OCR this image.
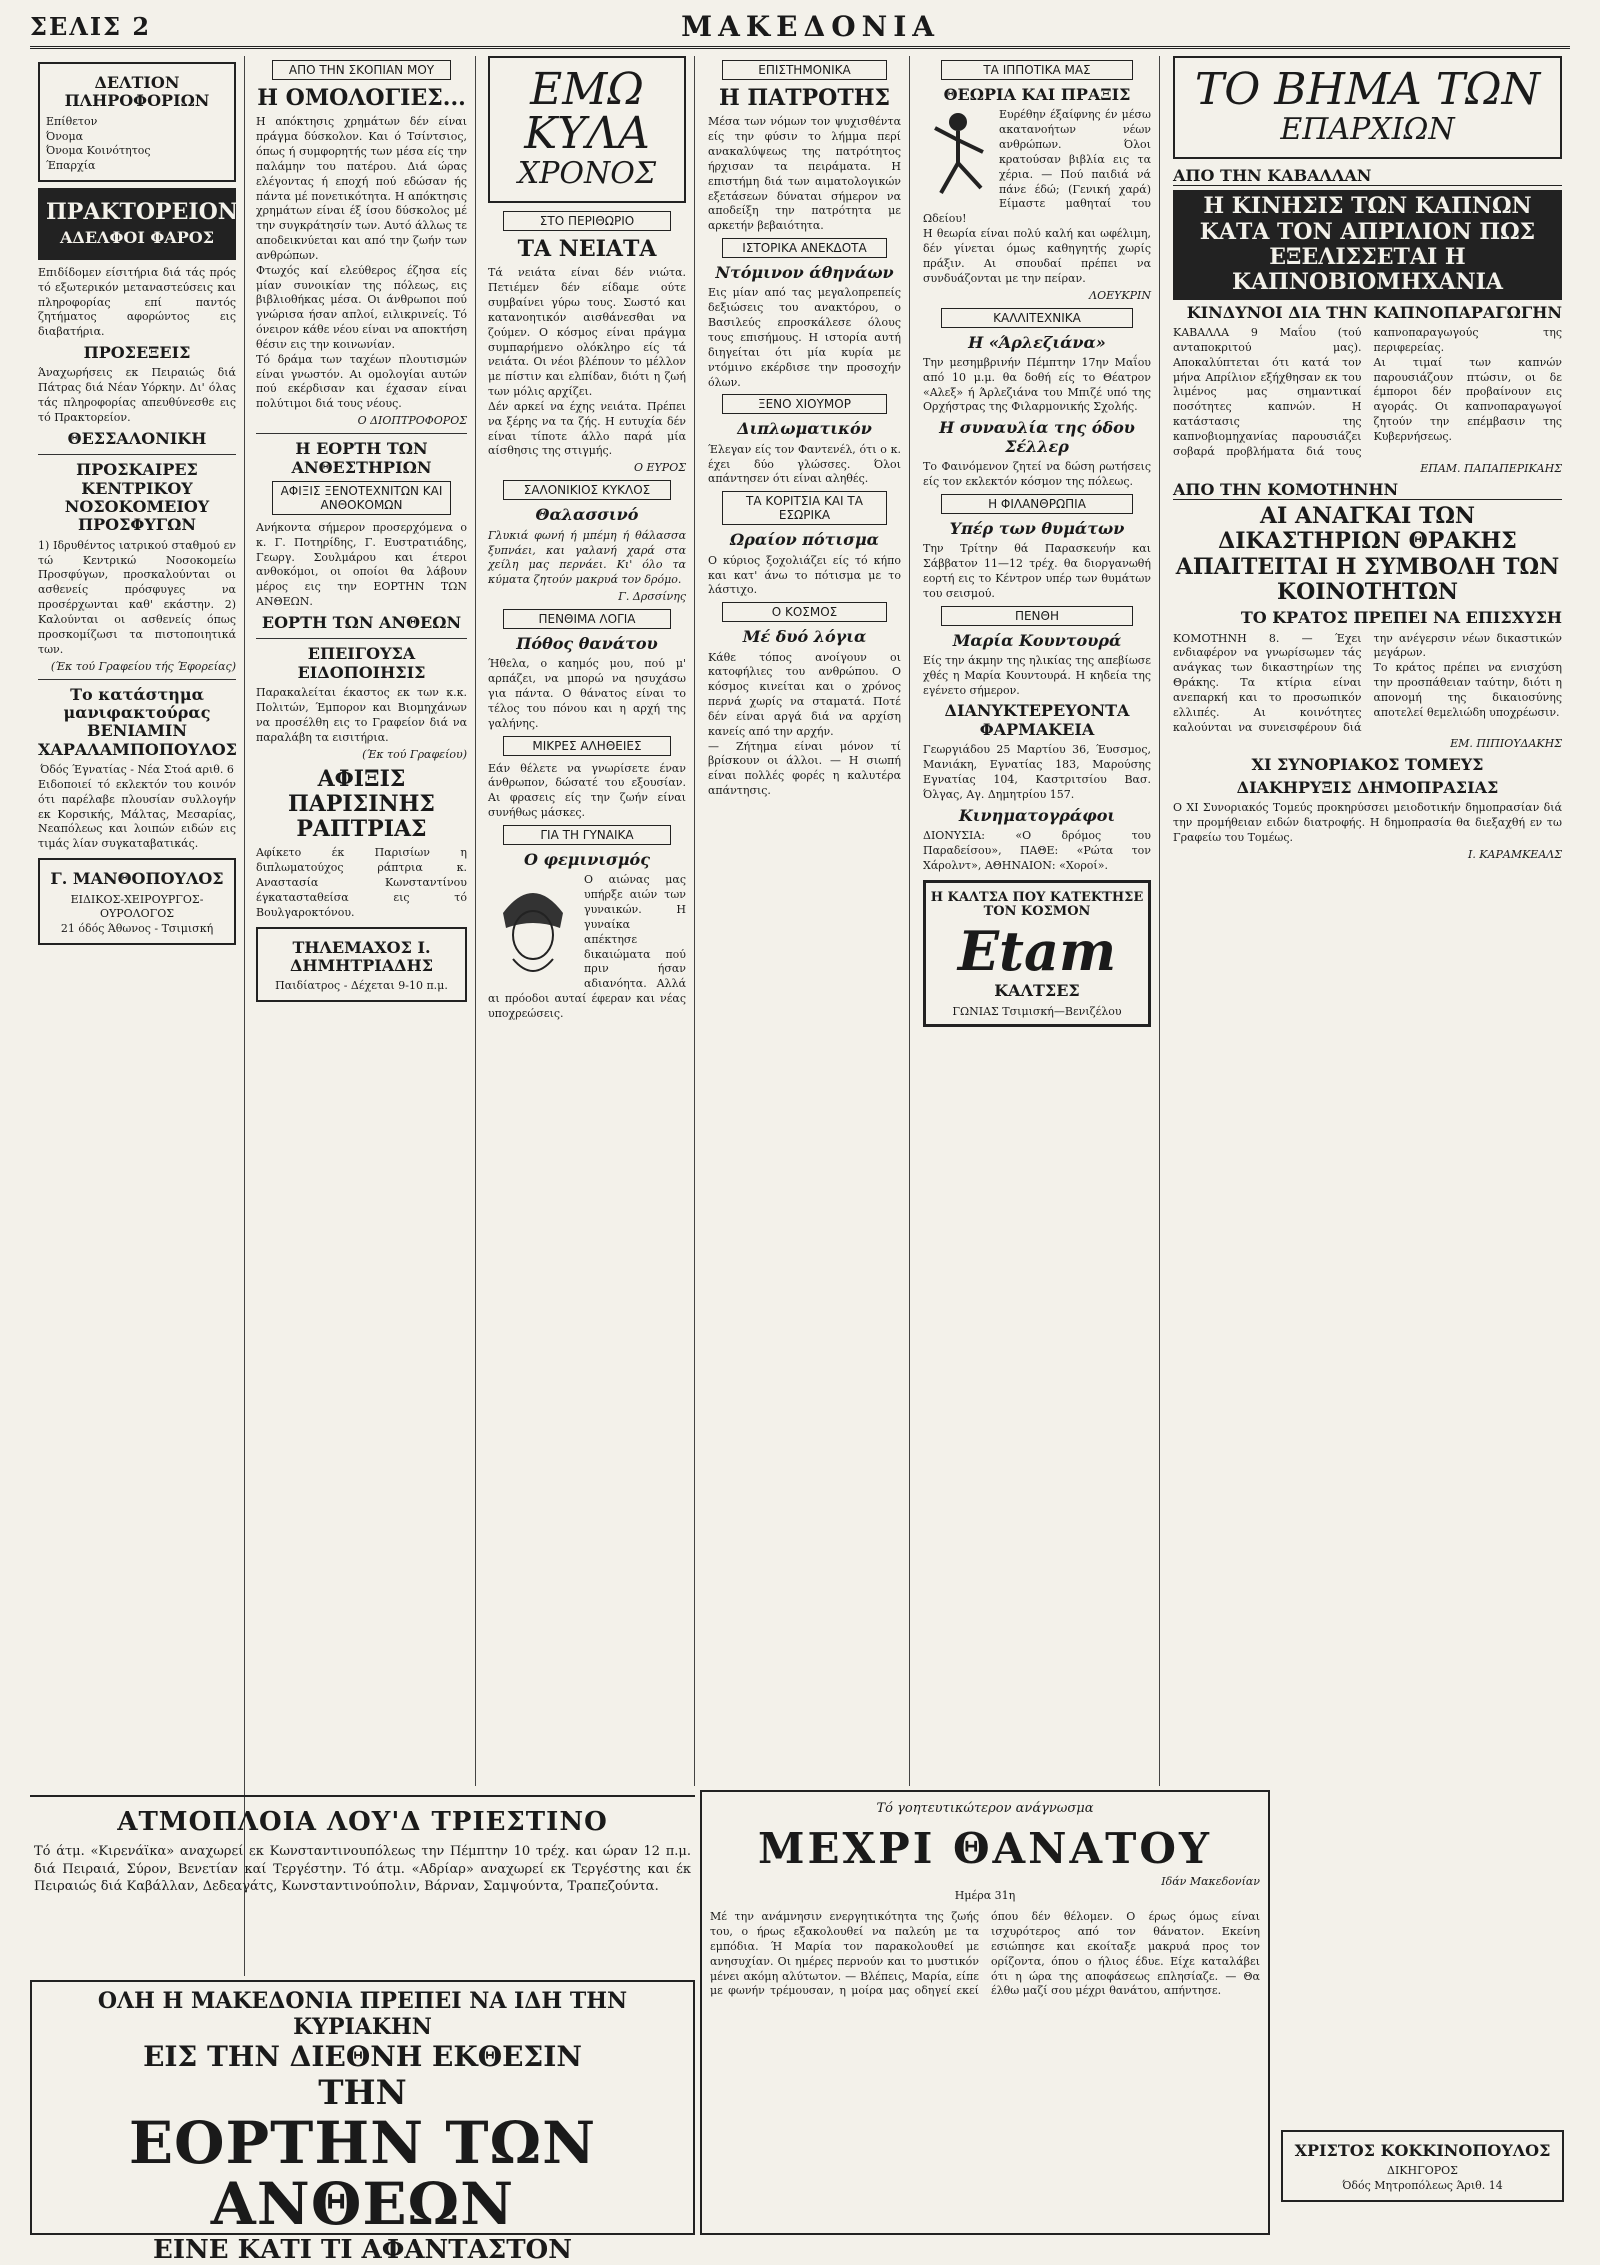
ΣΕΛΙΣ 2	ΜΑΚΕΔΟΝΙΑ
ΔΕΛΤΙΟΝ ΠΛΗΡΟΦΟΡΙΩΝ
Επίθετον
Όνομα
Όνομα Κοινότητος
Έπαρχία
ΠΡΑΚΤΟΡΕΙΟΝ
ΑΔΕΛΦΟΙ ΦΑΡΟΣ

Επιδίδομεν είσιτήρια διά τάς πρός τό εξωτερικόν μεταναστεύσεις και πληροφορίας επί παντός ζητήματος αφορώντος εις διαβατήρια.

ΠΡΟΣΕΞΕΙΣ

Άναχωρήσεις εκ Πειραιώς διά Πάτρας διά Νέαν Υόρκην. Δι' όλας τάς πληροφορίας απευθύνεσθε εις τό Πρακτορείον.

ΘΕΣΣΑΛΟΝΙΚΗ
ΠΡΟΣΚΑΙΡΕΣ ΚΕΝΤΡΙΚΟΥ ΝΟΣΟΚΟΜΕΙΟΥ ΠΡΟΣΦΥΓΩΝ

1) Ιδρυθέντος ιατρικού σταθμού εν τώ Κεντρικώ Νοσοκομείω Προσφύγων, προσκαλούνται οι ασθενείς πρόσφυγες να προσέρχωνται καθ' εκάστην. 2) Καλούνται οι ασθενείς όπως προσκομίζωσι τα πιστοποιητικά των.

(Έκ τού Γραφείου τής Έφορείας)
Το κατάστημα μανιφακτούρας ΒΕΝΙΑΜΙΝ ΧΑΡΑΛΑΜΠΟΠΟΥΛΟΣ
Όδός Έγνατίας - Νέα Στοά αριθ. 6

Ειδοποιεί τό εκλεκτόν του κοινόν ότι παρέλαβε πλουσίαν συλλογήν εκ Κορσικής, Μάλτας, Μεσαρίας, Νεαπόλεως και λοιπών ειδών εις τιμάς λίαν συγκαταβατικάς.

Γ. ΜΑΝΘΟΠΟΥΛΟΣ
ΕΙΔΙΚΟΣ-ΧΕΙΡΟΥΡΓΟΣ-ΟΥΡΟΛΟΓΟΣ
21 όδός Άθωνος - Τσιμισκή
ΑΠΟ ΤΗΝ ΣΚΟΠΙΑΝ ΜΟΥ
Η ΟΜΟΛΟΓΙΕΣ...

Η απόκτησις χρημάτων δέν είναι πράγμα δύσκολον. Και ό Τσίντσιος, όπως ή συμφορητής των μέσα είς την παλάμην του πατέρου. Διά ώρας ελέγοντας ή εποχή πού εδώσαν ής πάντα μέ πονετικότητα. Η απόκτησις χρημάτων είναι έξ ίσου δύσκολος μέ την συγκράτησίν των. Αυτό άλλως τε αποδεικνύεται και από την ζωήν των ανθρώπων.

Φτωχός καί ελεύθερος έζησα είς μίαν συνοικίαν της πόλεως, εις βιβλιοθήκας μέσα. Οι άνθρωποι πού γνώρισα ήσαν απλοί, ειλικρινείς. Τό όνειρον κάθε νέου είναι να αποκτήση θέσιν εις την κοινωνίαν.

Τό δράμα των ταχέων πλουτισμών είναι γνωστόν. Αι ομολογίαι αυτών πού εκέρδισαν και έχασαν είναι πολύτιμοι διά τους νέους.

Ο ΔΙΟΠΤΡΟΦΟΡΟΣ
Η ΕΟΡΤΗ ΤΩΝ ΑΝΘΕΣΤΗΡΙΩΝ
ΑΦΙΞΙΣ ΞΕΝΟΤΕΧΝΙΤΩΝ ΚΑΙ ΑΝΘΟΚΟΜΩΝ

Ανήκοντα σήμερον προσερχόμενα ο κ. Γ. Ποτηρίδης, Γ. Ευστρατιάδης, Γεωργ. Σουλμάρου και έτεροι ανθοκόμοι, οι οποίοι θα λάβουν μέρος εις την ΕΟΡΤΗΝ ΤΩΝ ΑΝΘΕΩΝ.

ΕΟΡΤΗ ΤΩΝ ΑΝΘΕΩΝ
ΕΠΕΙΓΟΥΣΑ ΕΙΔΟΠΟΙΗΣΙΣ

Παρακαλείται έκαστος εκ των κ.κ. Πολιτών, Έμπορον και Βιομηχάνων να προσέλθη εις το Γραφείον διά να παραλάβη τα εισιτήρια.

(Έκ τού Γραφείου)
ΑΦΙΞΙΣ ΠΑΡΙΣΙΝΗΣ ΡΑΠΤΡΙΑΣ

Αφίκετο έκ Παρισίων η διπλωματούχος ράπτρια κ. Αναστασία Κωνσταντίνου έγκατασταθείσα εις τό Βουλγαροκτόνου.

ΤΗΛΕΜΑΧΟΣ Ι. ΔΗΜΗΤΡΙΑΔΗΣ
Παιδίατρος - Δέχεται 9-10 π.μ.
ΑΤΜΟΠΛΟΙΑ ΛΟΥ'Δ ΤΡΙΕΣΤΙΝΟ
Τό άτμ. «Κιρενάϊκα» αναχωρεί εκ Κωνσταντινουπόλεως την Πέμπτην 10 τρέχ. και ώραν 12 π.μ. διά Πειραιά, Σύρον, Βενετίαν καί Τεργέστην. Τό άτμ. «Αδρίαρ» αναχωρεί εκ Τεργέστης και έκ Πειραιώς διά Καβάλλαν, Δεδεαγάτς, Κωνσταντινούπολιν, Βάρναν, Σαμψούντα, Τραπεζούντα.
ΕΜΩ ΚΥΛΑ
ΧΡΟΝΟΣ
ΣΤΟ ΠΕΡΙΘΩΡΙΟ
ΤΑ ΝΕΙΑΤΑ

Τά νειάτα είναι δέν νιώτα. Πετιέμεν δέν είδαμε ούτε συμβαίνει γύρω τους. Σωστό και κατανοητικόν αισθάνεσθαι να ζούμεν. Ο κόσμος είναι πράγμα συμπαρήμενο ολόκληρο είς τά νειάτα. Οι νέοι βλέπουν το μέλλον με πίστιν και ελπίδαν, διότι η ζωή των μόλις αρχίζει.

Δέν αρκεί να έχης νειάτα. Πρέπει να ξέρης να τα ζής. Η ευτυχία δέν είναι τίποτε άλλο παρά μία αίσθησις της στιγμής.

Ο ΕΥΡΟΣ
ΣΑΛΟΝΙΚΙΟΣ ΚΥΚΛΟΣ
Θαλασσινό

Γλυκιά φωνή ή μπέμη ή θάλασσα ξυπνάει, και γαλανή χαρά στα χείλη μας περνάει. Κι' όλο τα κύματα ζητούν μακρυά τον δρόμο.

Γ. Δρσσίνης
ΠΕΝΘΙΜΑ ΛΟΓΙΑ
Πόθος θανάτου

Ήθελα, ο καημός μου, πού μ' αρπάζει, να μπορώ να ησυχάσω για πάντα. Ο θάνατος είναι το τέλος του πόνου και η αρχή της γαλήνης.

ΜΙΚΡΕΣ ΑΛΗΘΕΙΕΣ

Εάν θέλετε να γνωρίσετε έναν άνθρωπον, δώσατέ του εξουσίαν. Αι φρασεις είς την ζωήν είναι συνήθως μάσκες.

ΓΙΑ ΤΗ ΓΥΝΑΙΚΑ
Ο φεμινισμός

Ο αιώνας μας υπήρξε αιών των γυναικών. Η γυναίκα απέκτησε δικαιώματα πού πριν ήσαν αδιανόητα. Αλλά αι πρόοδοι αυταί έφεραν και νέας υποχρεώσεις.

ΕΠΙΣΤΗΜΟΝΙΚΑ
Η ΠΑΤΡΟΤΗΣ

Μέσα των νόμων τον ψυχισθέντα είς την φύσιν το λήμμα περί ανακαλύψεως της πατρότητος ήρχισαν τα πειράματα. Η επιστήμη διά των αιματολογικών εξετάσεων δύναται σήμερον να αποδείξη την πατρότητα με αρκετήν βεβαιότητα.

ΙΣΤΟΡΙΚΑ ΑΝΕΚΔΟΤΑ
Ντόμινον άθηνάων

Εις μίαν από τας μεγαλοπρεπείς δεξιώσεις του ανακτόρου, ο Βασιλεύς επροσκάλεσε όλους τους επισήμους. Η ιστορία αυτή διηγείται ότι μία κυρία με ντόμινο εκέρδισε την προσοχήν όλων.

ΞΕΝΟ ΧΙΟΥΜΟΡ
Διπλωματικόν

Έλεγαν είς τον Φαντενέλ, ότι ο κ. έχει δύο γλώσσες. Όλοι απάντησεν ότι είναι αληθές.

ΤΑ ΚΟΡΙΤΣΙΑ ΚΑΙ ΤΑ ΕΣΩΡΙΚΑ
Ωραίον πότισμα

Ο κύριος ξοχολιάζει είς τό κήπο και κατ' άνω το πότισμα με το λάστιχο.

Ο ΚΟΣΜΟΣ
Μέ δυό λόγια

Κάθε τόπος ανοίγουν οι κατοφήλιες του ανθρώπου. Ο κόσμος κινείται και ο χρόνος περνά χωρίς να σταματά. Ποτέ δέν είναι αργά διά να αρχίση κανείς από την αρχήν.

— Ζήτημα είναι μόνον τί βρίσκουν οι άλλοι. — Η σιωπή είναι πολλές φορές η καλυτέρα απάντησις.

ΤΑ ΙΠΠΟΤΙΚΑ ΜΑΣ
ΘΕΩΡΙΑ ΚΑΙ ΠΡΑΞΙΣ

Ευρέθην έξαίφνης έν μέσω ακατανοήτων νέων ανθρώπων. Όλοι κρατούσαν βιβλία εις τα χέρια. — Πού παιδιά νά πάνε έδώ; (Γενική χαρά) Είμαστε μαθηταί του Ωδείου!

Η θεωρία είναι πολύ καλή και ωφέλιμη, δέν γίνεται όμως καθηγητής χωρίς πράξιν. Αι σπουδαί πρέπει να συνδυάζονται με την πείραν.

ΛΟΕΥΚΡΙΝ
ΚΑΛΛΙΤΕΧΝΙΚΑ
Η «Άρλεζιάνα»

Την μεσημβρινήν Πέμπτην 17ην Μαΐου από 10 μ.μ. θα δοθή είς το Θέατρον «Αλεξ» ή Άρλεζιάνα του Μπιζέ υπό της Ορχήστρας της Φιλαρμονικής Σχολής.

Η συναυλία της όδου Σέλλερ

Το Φαινόμενον ζητεί να δώση ρωτήσεις είς τον εκλεκτόν κόσμον της πόλεως.

Η ΦΙΛΑΝΘΡΩΠΙΑ
Υπέρ των θυμάτων

Την Τρίτην θά Παρασκευήν και Σάββατον 11—12 τρέχ. θα διοργανωθή εορτή εις το Κέντρον υπέρ των θυμάτων του σεισμού.

ΠΕΝΘΗ
Μαρία Κουντουρά

Είς την άκμην της ηλικίας της απεβίωσε χθές η Μαρία Κουντουρά. Η κηδεία της εγένετο σήμερον.

ΔΙΑΝΥΚΤΕΡΕΥΟΝΤΑ ΦΑΡΜΑΚΕΙΑ

Γεωργιάδου 25 Μαρτίου 36, Έυσσμος, Μανιάκη, Εγνατίας 183, Μαρούσης Εγνατίας 104, Καστριτσίου Βασ. Όλγας, Αγ. Δημητρίου 157.

Κινηματογράφοι

ΔΙΟΝΥΣΙΑ: «Ο δρόμος του Παραδείσου», ΠΑΘΕ: «Ρώτα τον Χάρολντ», ΑΘΗΝΑΙΟΝ: «Χοροί».

Η ΚΑΛΤΣΑ ΠΟΥ ΚΑΤΕΚΤΗΣΕ ΤΟΝ ΚΟΣΜΟΝ
Etam
ΚΑΛΤΣΕΣ
ΓΩΝΙΑΣ Τσιμισκή—Βενιζέλου
ΤΟ ΒΗΜΑ ΤΩΝ
ΕΠΑΡΧΙΩΝ
ΑΠΟ ΤΗΝ ΚΑΒΑΛΛΑΝ
Η ΚΙΝΗΣΙΣ ΤΩΝ ΚΑΠΝΩΝ ΚΑΤΑ ΤΟΝ ΑΠΡΙΛΙΟΝ ΠΩΣ ΕΞΕΛΙΣΣΕΤΑΙ Η ΚΑΠΝΟΒΙΟΜΗΧΑΝΙΑ
ΚΙΝΔΥΝΟΙ ΔΙΑ ΤΗΝ ΚΑΠΝΟΠΑΡΑΓΩΓΗΝ

ΚΑΒΑΛΛΑ 9 Μαΐου (τού ανταποκριτού μας). Αποκαλύπτεται ότι κατά τον μήνα Απρίλιον εξήχθησαν εκ του λιμένος μας σημαντικαί ποσότητες καπνών. Η κατάστασις της καπνοβιομηχανίας παρουσιάζει σοβαρά προβλήματα διά τους καπνοπαραγωγούς της περιφερείας.

Αι τιμαί των καπνών παρουσιάζουν πτώσιν, οι δε έμποροι δέν προβαίνουν εις αγοράς. Οι καπνοπαραγωγοί ζητούν την επέμβασιν της Κυβερνήσεως.

ΕΠΑΜ. ΠΑΠΑΠΕΡΙΚΑΗΣ
ΑΠΟ ΤΗΝ ΚΟΜΟΤΗΝΗΝ
ΑΙ ΑΝΑΓΚΑΙ ΤΩΝ ΔΙΚΑΣΤΗΡΙΩΝ ΘΡΑΚΗΣ ΑΠΑΙΤΕΙΤΑΙ Η ΣΥΜΒΟΛΗ ΤΩΝ ΚΟΙΝΟΤΗΤΩΝ
ΤΟ ΚΡΑΤΟΣ ΠΡΕΠΕΙ ΝΑ ΕΠΙΣΧΥΣΗ

ΚΟΜΟΤΗΝΗ 8. — Έχει ενδιαφέρον να γνωρίσωμεν τάς ανάγκας των δικαστηρίων της Θράκης. Τα κτίρια είναι ανεπαρκή και το προσωπικόν ελλιπές. Αι κοινότητες καλούνται να συνεισφέρουν διά την ανέγερσιν νέων δικαστικών μεγάρων.

Το κράτος πρέπει να ενισχύση την προσπάθειαν ταύτην, διότι η απονομή της δικαιοσύνης αποτελεί θεμελιώδη υποχρέωσιν.

ΕΜ. ΠΙΠΙΟΥΔΑΚΗΣ
ΧΙ ΣΥΝΟΡΙΑΚΟΣ ΤΟΜΕΥΣ
ΔΙΑΚΗΡΥΞΙΣ ΔΗΜΟΠΡΑΣΙΑΣ

Ο ΧΙ Συνοριακός Τομεύς προκηρύσσει μειοδοτικήν δημοπρασίαν διά την προμήθειαν ειδών διατροφής. Η δημοπρασία θα διεξαχθή εν τω Γραφείω του Τομέως.

Ι. ΚΑΡΑΜΚΕΑΛΣ
Τό γοητευτικώτερον ανάγνωσμα
ΜΕΧΡΙ ΘΑΝΑΤΟΥ
Ιδάν Μακεδονίαν
Ημέρα 31η

Μέ την ανάμνησιν ενεργητικότητα της ζωής του, ο ήρως εξακολουθεί να παλεύη με τα εμπόδια. Ή Μαρία τον παρακολουθεί με ανησυχίαν. Οι ημέρες περνούν και το μυστικόν μένει ακόμη αλύτωτον. — Βλέπεις, Μαρία, είπε με φωνήν τρέμουσαν, η μοίρα μας οδηγεί εκεί όπου δέν θέλομεν. Ο έρως όμως είναι ισχυρότερος από τον θάνατον. Εκείνη εσιώπησε και εκοίταξε μακρυά προς τον ορίζοντα, όπου ο ήλιος έδυε. Είχε καταλάβει ότι η ώρα της αποφάσεως επλησίαζε. — Θα έλθω μαζί σου μέχρι θανάτου, απήντησε.

ΧΡΙΣΤΟΣ ΚΟΚΚΙΝΟΠΟΥΛΟΣ
ΔΙΚΗΓΟΡΟΣ
Όδός Μητροπόλεως Άριθ. 14
ΟΛΗ Η ΜΑΚΕΔΟΝΙΑ ΠΡΕΠΕΙ ΝΑ ΙΔΗ ΤΗΝ ΚΥΡΙΑΚΗΝ
ΕΙΣ ΤΗΝ ΔΙΕΘΝΗ ΕΚΘΕΣΙΝ
ΤΗΝ
ΕΟΡΤΗΝ ΤΩΝ ΑΝΘΕΩΝ
ΕΙΝΕ ΚΑΤΙ ΤΙ ΑΦΑΝΤΑΣΤΟΝ
